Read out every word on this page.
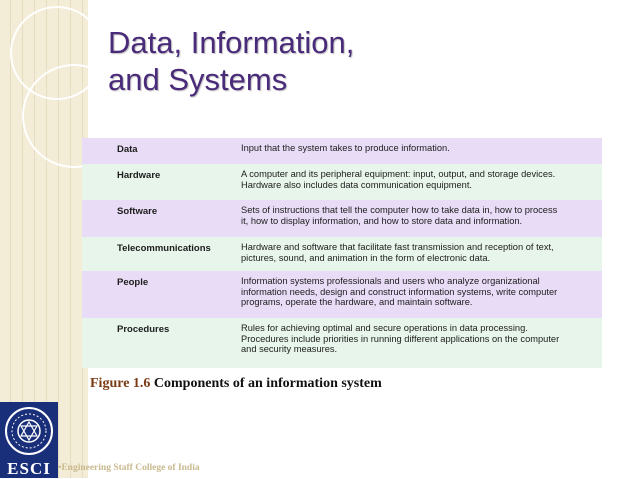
Data, Information,
and Systems
Data	Input that the system takes to produce information.
Hardware	A computer and its peripheral equipment: input, output, and storage devices. Hardware also includes data communication equipment.
Software	Sets of instructions that tell the computer how to take data in, how to process it, how to display information, and how to store data and information.
Telecommunications	Hardware and software that facilitate fast transmission and reception of text, pictures, sound, and animation in the form of electronic data.
People	Information systems professionals and users who analyze organizational information needs, design and construct information systems, write computer programs, operate the hardware, and maintain software.
Procedures	Rules for achieving optimal and secure operations in data processing. Procedures include priorities in running different applications on the computer and security measures.
Figure 1.6 Components of an information system
ESCI •Engineering Staff College of India
